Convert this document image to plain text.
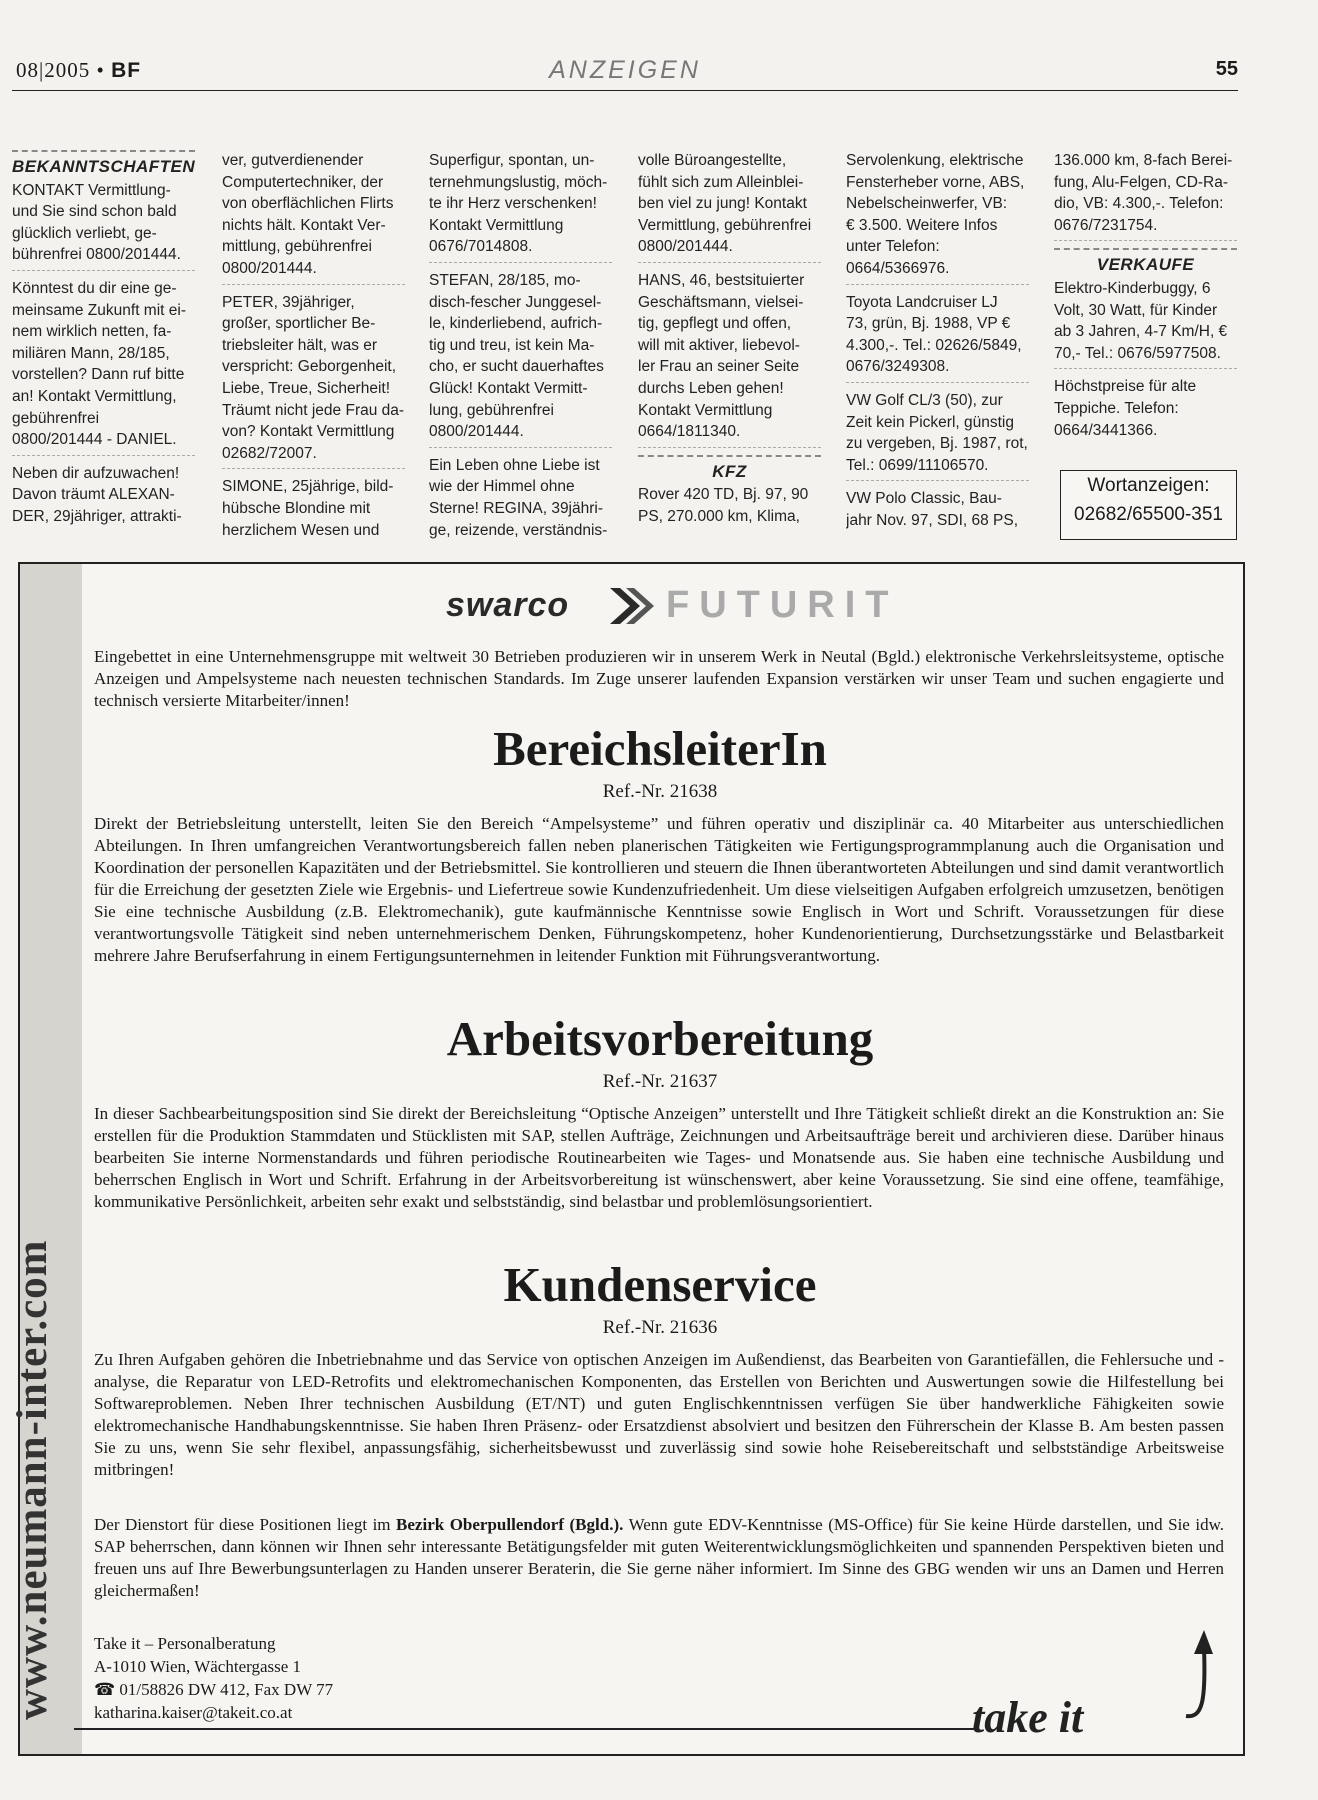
08|2005 • BF	ANZEIGEN	55
BEKANNTSCHAFTEN
KONTAKT Vermittlung-
und Sie sind schon bald
glücklich verliebt, ge-
bührenfrei 0800/201444.
Könntest du dir eine ge-
meinsame Zukunft mit ei-
nem wirklich netten, fa-
miliären Mann, 28/185,
vorstellen? Dann ruf bitte
an! Kontakt Vermittlung,
gebührenfrei
0800/201444 - DANIEL.
Neben dir aufzuwachen!
Davon träumt ALEXAN-
DER, 29jähriger, attrakti-
ver, gutverdienender
Computertechniker, der
von oberflächlichen Flirts
nichts hält. Kontakt Ver-
mittlung, gebührenfrei
0800/201444.
PETER, 39jähriger,
großer, sportlicher Be-
triebsleiter hält, was er
verspricht: Geborgenheit,
Liebe, Treue, Sicherheit!
Träumt nicht jede Frau da-
von? Kontakt Vermittlung
02682/72007.
SIMONE, 25jährige, bild-
hübsche Blondine mit
herzlichem Wesen und
Superfigur, spontan, un-
ternehmungslustig, möch-
te ihr Herz verschenken!
Kontakt Vermittlung
0676/7014808.
STEFAN, 28/185, mo-
disch-fescher Junggesel-
le, kinderliebend, aufrich-
tig und treu, ist kein Ma-
cho, er sucht dauerhaftes
Glück! Kontakt Vermitt-
lung, gebührenfrei
0800/201444.
Ein Leben ohne Liebe ist
wie der Himmel ohne
Sterne! REGINA, 39jähri-
ge, reizende, verständnis-
volle Büroangestellte,
fühlt sich zum Alleinblei-
ben viel zu jung! Kontakt
Vermittlung, gebührenfrei
0800/201444.
HANS, 46, bestsituierter
Geschäftsmann, vielsei-
tig, gepflegt und offen,
will mit aktiver, liebevol-
ler Frau an seiner Seite
durchs Leben gehen!
Kontakt Vermittlung
0664/1811340.
KFZ
Rover 420 TD, Bj. 97, 90
PS, 270.000 km, Klima,
Servolenkung, elektrische
Fensterheber vorne, ABS,
Nebelscheinwerfer, VB:
€ 3.500. Weitere Infos
unter Telefon:
0664/5366976.
Toyota Landcruiser LJ
73, grün, Bj. 1988, VP €
4.300,-. Tel.: 02626/5849,
0676/3249308.
VW Golf CL/3 (50), zur
Zeit kein Pickerl, günstig
zu vergeben, Bj. 1987, rot,
Tel.: 0699/11106570.
VW Polo Classic, Bau-
jahr Nov. 97, SDI, 68 PS,
136.000 km, 8-fach Berei-
fung, Alu-Felgen, CD-Ra-
dio, VB: 4.300,-. Telefon:
0676/7231754.
VERKAUFE
Elektro-Kinderbuggy, 6
Volt, 30 Watt, für Kinder
ab 3 Jahren, 4-7 Km/H, €
70,- Tel.: 0676/5977508.
Höchstpreise für alte
Teppiche. Telefon:
0664/3441366.
Wortanzeigen:
02682/65500-351
www.neumann-inter.com
swarco	FUTURIT
Eingebettet in eine Unternehmensgruppe mit weltweit 30 Betrieben produzieren wir in unserem Werk in Neutal (Bgld.) elektronische Verkehrsleitsysteme, optische Anzeigen und Ampelsysteme nach neuesten technischen Standards. Im Zuge unserer laufenden Expansion verstärken wir unser Team und suchen engagierte und technisch versierte Mitarbeiter/innen!
BereichsleiterIn
Ref.-Nr. 21638
Direkt der Betriebsleitung unterstellt, leiten Sie den Bereich “Ampelsysteme” und führen operativ und disziplinär ca. 40 Mitarbeiter aus unterschiedlichen Abteilungen. In Ihren umfangreichen Verantwortungsbereich fallen neben planerischen Tätigkeiten wie Fertigungsprogrammplanung auch die Organisation und Koordination der personellen Kapazitäten und der Betriebsmittel. Sie kontrollieren und steuern die Ihnen überantworteten Abteilungen und sind damit verantwortlich für die Erreichung der gesetzten Ziele wie Ergebnis- und Liefertreue sowie Kundenzufriedenheit. Um diese vielseitigen Aufgaben erfolgreich umzusetzen, benötigen Sie eine technische Ausbildung (z.B. Elektromechanik), gute kaufmännische Kenntnisse sowie Englisch in Wort und Schrift. Voraussetzungen für diese verantwortungsvolle Tätigkeit sind neben unternehmerischem Denken, Führungskompetenz, hoher Kundenorientierung, Durchsetzungsstärke und Belastbarkeit mehrere Jahre Berufserfahrung in einem Fertigungsunternehmen in leitender Funktion mit Führungsverantwortung.
Arbeitsvorbereitung
Ref.-Nr. 21637
In dieser Sachbearbeitungsposition sind Sie direkt der Bereichsleitung “Optische Anzeigen” unterstellt und Ihre Tätigkeit schließt direkt an die Konstruktion an: Sie erstellen für die Produktion Stammdaten und Stücklisten mit SAP, stellen Aufträge, Zeichnungen und Arbeitsaufträge bereit und archivieren diese. Darüber hinaus bearbeiten Sie interne Normenstandards und führen periodische Routinearbeiten wie Tages- und Monatsende aus. Sie haben eine technische Ausbildung und beherrschen Englisch in Wort und Schrift. Erfahrung in der Arbeitsvorbereitung ist wünschenswert, aber keine Voraussetzung. Sie sind eine offene, teamfähige, kommunikative Persönlichkeit, arbeiten sehr exakt und selbstständig, sind belastbar und problemlösungsorientiert.
Kundenservice
Ref.-Nr. 21636
Zu Ihren Aufgaben gehören die Inbetriebnahme und das Service von optischen Anzeigen im Außendienst, das Bearbeiten von Garantiefällen, die Fehlersuche und -analyse, die Reparatur von LED-Retrofits und elektromechanischen Komponenten, das Erstellen von Berichten und Auswertungen sowie die Hilfestellung bei Softwareproblemen. Neben Ihrer technischen Ausbildung (ET/NT) und guten Englischkenntnissen verfügen Sie über handwerkliche Fähigkeiten sowie elektromechanische Handhabungskenntnisse. Sie haben Ihren Präsenz- oder Ersatzdienst absolviert und besitzen den Führerschein der Klasse B. Am besten passen Sie zu uns, wenn Sie sehr flexibel, anpassungsfähig, sicherheitsbewusst und zuverlässig sind sowie hohe Reisebereitschaft und selbstständige Arbeitsweise mitbringen!
Der Dienstort für diese Positionen liegt im Bezirk Oberpullendorf (Bgld.). Wenn gute EDV-Kenntnisse (MS-Office) für Sie keine Hürde darstellen, und Sie idw. SAP beherrschen, dann können wir Ihnen sehr interessante Betätigungsfelder mit guten Weiterentwicklungsmöglichkeiten und spannenden Perspektiven bieten und freuen uns auf Ihre Bewerbungsunterlagen zu Handen unserer Beraterin, die Sie gerne näher informiert. Im Sinne des GBG wenden wir uns an Damen und Herren gleichermaßen!
Take it – Personalberatung
A-1010 Wien, Wächtergasse 1
☎ 01/58826 DW 412, Fax DW 77
katharina.kaiser@takeit.co.at	take it
